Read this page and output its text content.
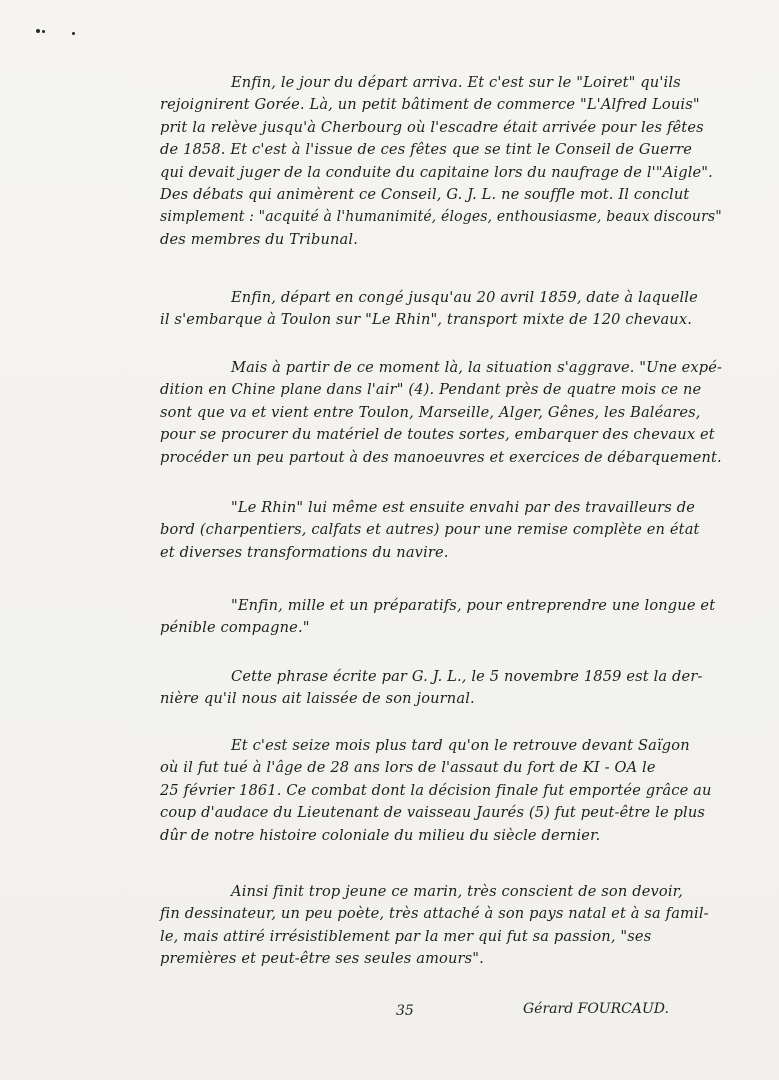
Enfin, le jour du départ arriva. Et c'est sur le "Loiret" qu'ils
rejoignirent Gorée. Là, un petit bâtiment de commerce "L'Alfred Louis"
prit la relève jusqu'à Cherbourg où l'escadre était arrivée pour les fêtes
de 1858. Et c'est à l'issue de ces fêtes que se tint le Conseil de Guerre
qui devait juger de la conduite du capitaine lors du naufrage de l'"Aigle".
Des débats qui animèrent ce Conseil, G. J. L. ne souffle mot. Il conclut
simplement : "acquité à l'humanimité, éloges, enthousiasme, beaux discours"
des membres du Tribunal.
Enfin, départ en congé jusqu'au 20 avril 1859, date à laquelle
il s'embarque à Toulon sur "Le Rhin", transport mixte de 120 chevaux.
Mais à partir de ce moment là, la situation s'aggrave. "Une expé-
dition en Chine plane dans l'air" (4). Pendant près de quatre mois ce ne
sont que va et vient entre Toulon, Marseille, Alger, Gênes, les Baléares,
pour se procurer du matériel de toutes sortes, embarquer des chevaux et
procéder un peu partout à des manoeuvres et exercices de débarquement.
"Le Rhin" lui même est ensuite envahi par des travailleurs de
bord (charpentiers, calfats et autres) pour une remise complète en état
et diverses transformations du navire.
"Enfin, mille et un préparatifs, pour entreprendre une longue et
pénible compagne."
Cette phrase écrite par G. J. L., le 5 novembre 1859 est la der-
nière qu'il nous ait laissée de son journal.
Et c'est seize mois plus tard qu'on le retrouve devant Saïgon
où il fut tué à l'âge de 28 ans lors de l'assaut du fort de KI - OA le
25 février 1861. Ce combat dont la décision finale fut emportée grâce au
coup d'audace du Lieutenant de vaisseau Jaurés (5) fut peut-être le plus
dûr de notre histoire coloniale du milieu du siècle dernier.
Ainsi finit trop jeune ce marin, très conscient de son devoir,
fin dessinateur, un peu poète, très attaché à son pays natal et à sa famil-
le, mais attiré irrésistiblement par la mer qui fut sa passion, "ses
premières et peut-être ses seules amours".
35	Gérard FOURCAUD.
